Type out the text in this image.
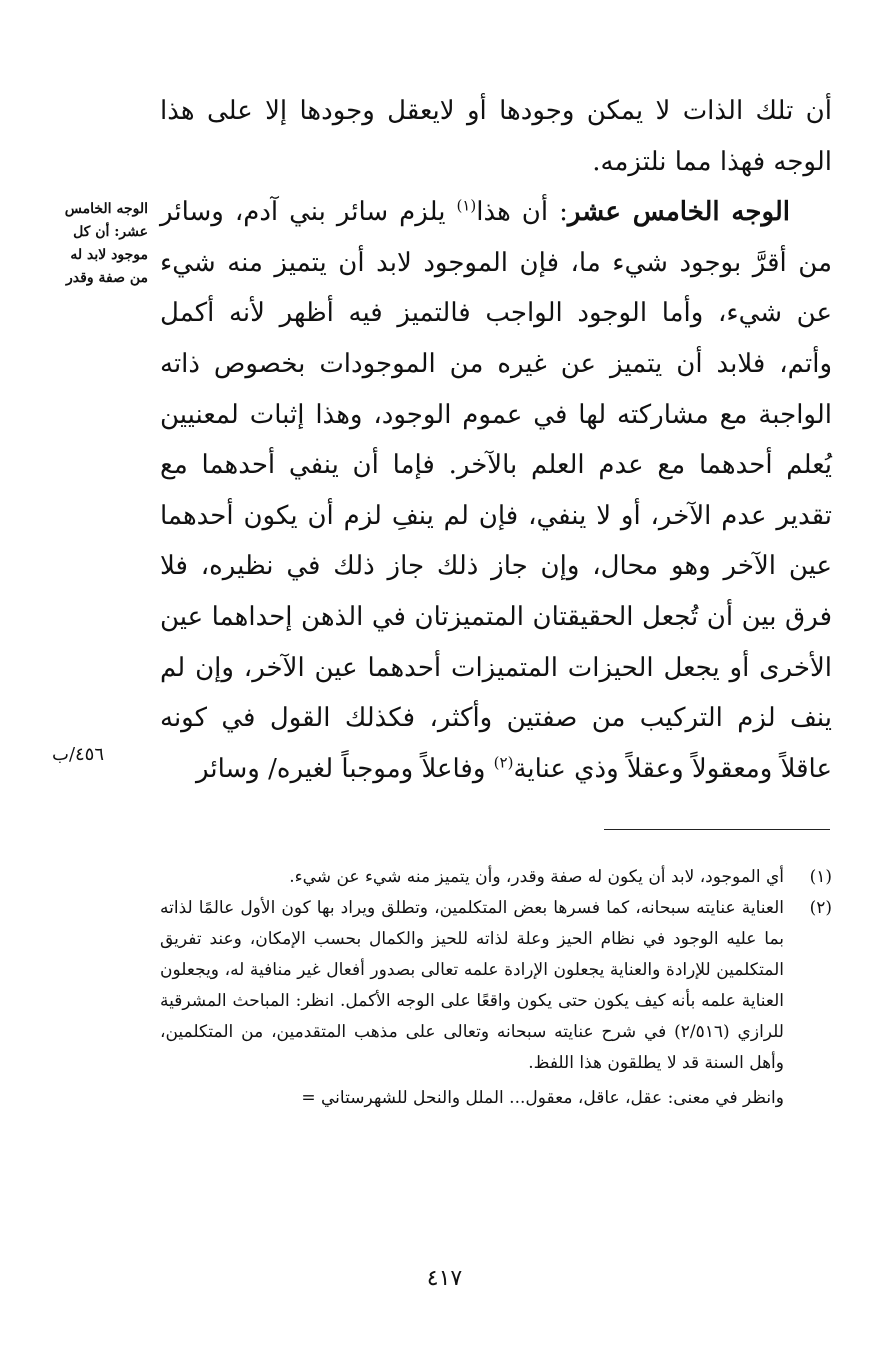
أن تلك الذات لا يمكن وجودها أو لايعقل وجودها إلا على هذا الوجه فهذا مما نلتزمه.

الوجه الخامس عشر: أن هذا$^{(١)}$ يلزم سائر بني آدم، وسائر من أقرَّ بوجود شيء ما، فإن الموجود لابد أن يتميز منه شيء عن شيء، وأما الوجود الواجب فالتميز فيه أظهر لأنه أكمل وأتم، فلابد أن يتميز عن غيره من الموجودات بخصوص ذاته الواجبة مع مشاركته لها في عموم الوجود، وهذا إثبات لمعنيين يُعلم أحدهما مع عدم العلم بالآخر. فإما أن ينفي أحدهما مع تقدير عدم الآخر، أو لا ينفي، فإن لم ينفِ لزم أن يكون أحدهما عين الآخر وهو محال، وإن جاز ذلك جاز ذلك في نظيره، فلا فرق بين أن تُجعل الحقيقتان المتميزتان في الذهن إحداهما عين الأخرى أو يجعل الحيزات المتميزات أحدهما عين الآخر، وإن لم ينف لزم التركيب من صفتين وأكثر، فكذلك القول في كونه عاقلاً ومعقولاً وعقلاً وذي عناية$^{(٢)}$ وفاعلاً وموجباً لغيره/ وسائر

الوجه الخامس عشر: أن كل موجود لابد له من صفة وقدر
٤٥٦/ب
(١)
أي الموجود، لابد أن يكون له صفة وقدر، وأن يتميز منه شيء عن شيء.
(٢)
العناية عنايته سبحانه، كما فسرها بعض المتكلمين، وتطلق ويراد بها كون الأول عالمًا لذاته بما عليه الوجود في نظام الحيز وعلة لذاته للحيز والكمال بحسب الإمكان، وعند تفريق المتكلمين للإرادة والعناية يجعلون الإرادة علمه تعالى بصدور أفعال غير منافية له، ويجعلون العناية علمه بأنه كيف يكون حتى يكون واقعًا على الوجه الأكمل. انظر: المباحث المشرقية للرازي (٢/٥١٦) في شرح عنايته سبحانه وتعالى على مذهب المتقدمين، من المتكلمين، وأهل السنة قد لا يطلقون هذا اللفظ.

وانظر في معنى: عقل، عاقل، معقول... الملل والنحل للشهرستاني =

٤١٧
